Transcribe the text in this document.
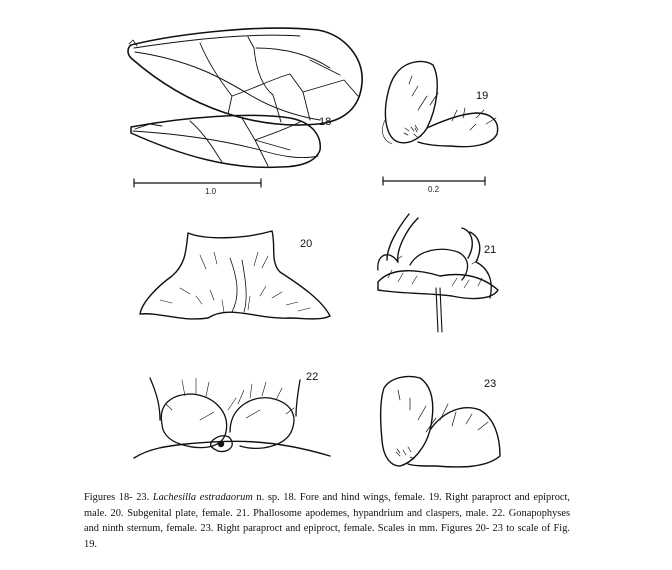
18
1.0
19
0.2
20	21
22
23

Figures 18- 23. Lachesilla estradaorum n. sp. 18. Fore and hind wings, female. 19. Right paraproct and epiproct, male. 20. Subgenital plate, female. 21. Phallosome apodemes, hypandrium and claspers, male. 22. Gonapophyses and ninth sternum, female. 23. Right paraproct and epiproct, female. Scales in mm. Figures 20- 23 to scale of Fig. 19.
